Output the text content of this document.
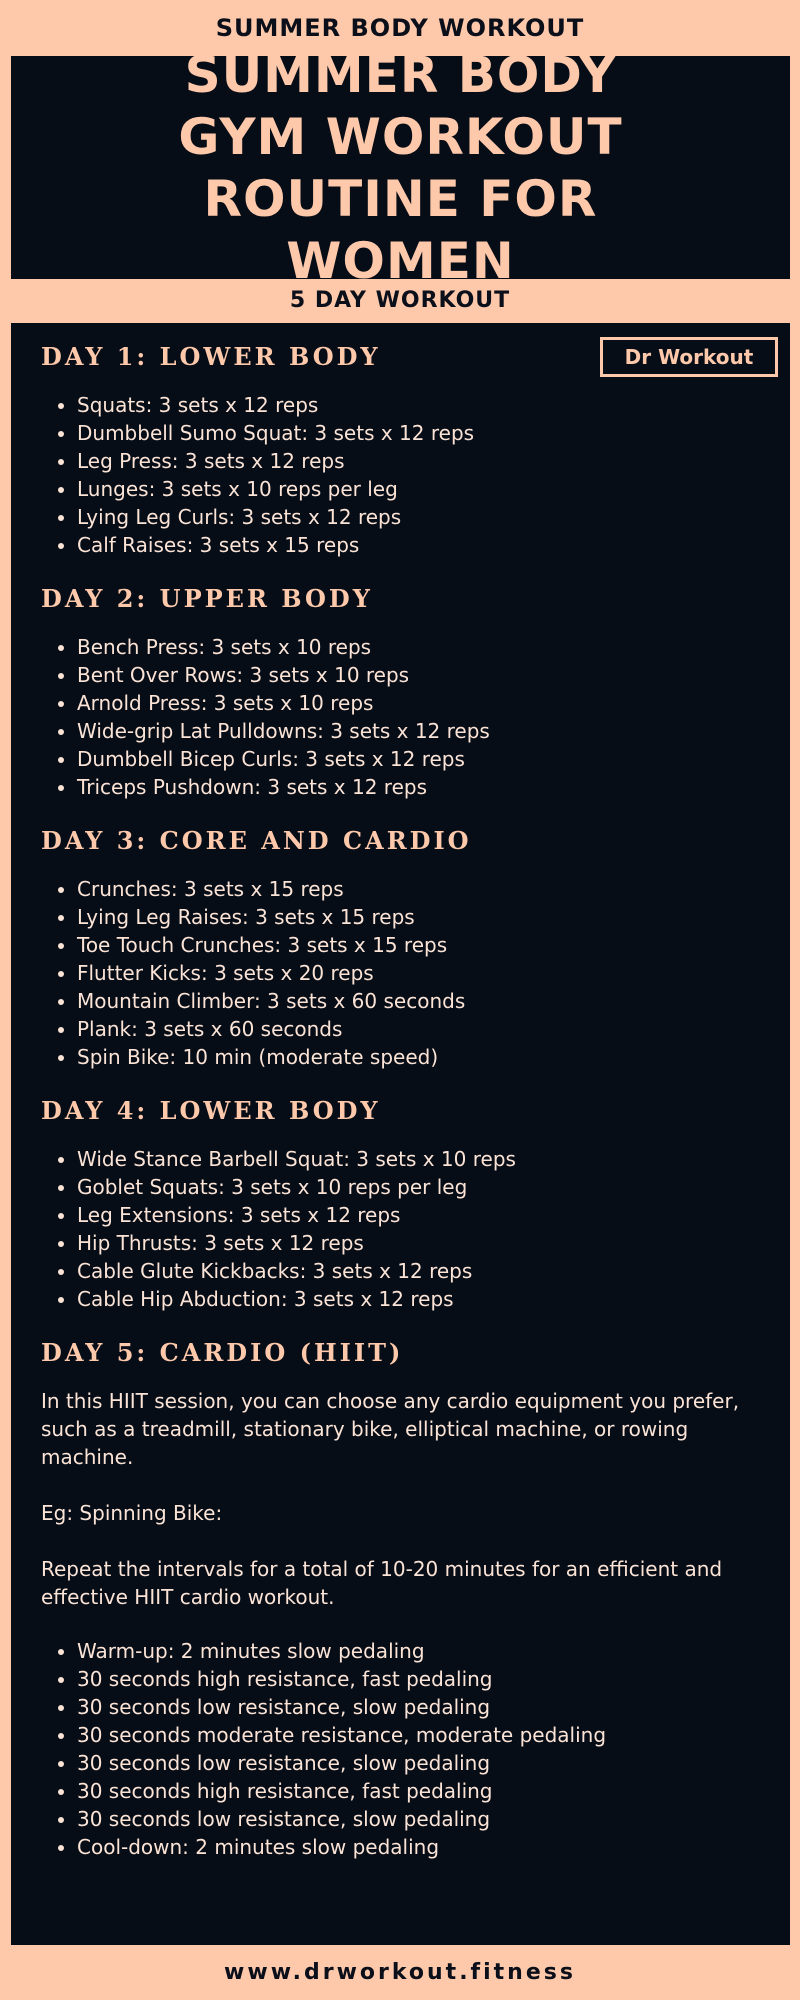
SUMMER BODY WORKOUT
SUMMER BODY GYM WORKOUT ROUTINE FOR WOMEN
5 DAY WORKOUT
Dr Workout
DAY 1: LOWER BODY
• Squats: 3 sets x 12 reps
• Dumbbell Sumo Squat: 3 sets x 12 reps
• Leg Press: 3 sets x 12 reps
• Lunges: 3 sets x 10 reps per leg
• Lying Leg Curls: 3 sets x 12 reps
• Calf Raises: 3 sets x 15 reps
DAY 2: UPPER BODY
• Bench Press: 3 sets x 10 reps
• Bent Over Rows: 3 sets x 10 reps
• Arnold Press: 3 sets x 10 reps
• Wide-grip Lat Pulldowns: 3 sets x 12 reps
• Dumbbell Bicep Curls: 3 sets x 12 reps
• Triceps Pushdown: 3 sets x 12 reps
DAY 3: CORE AND CARDIO
• Crunches: 3 sets x 15 reps
• Lying Leg Raises: 3 sets x 15 reps
• Toe Touch Crunches: 3 sets x 15 reps
• Flutter Kicks: 3 sets x 20 reps
• Mountain Climber: 3 sets x 60 seconds
• Plank: 3 sets x 60 seconds
• Spin Bike: 10 min (moderate speed)
DAY 4: LOWER BODY
• Wide Stance Barbell Squat: 3 sets x 10 reps
• Goblet Squats: 3 sets x 10 reps per leg
• Leg Extensions: 3 sets x 12 reps
• Hip Thrusts: 3 sets x 12 reps
• Cable Glute Kickbacks: 3 sets x 12 reps
• Cable Hip Abduction: 3 sets x 12 reps
DAY 5: CARDIO (HIIT)

In this HIIT session, you can choose any cardio equipment you prefer, such as a treadmill, stationary bike, elliptical machine, or rowing machine.

Eg: Spinning Bike:

Repeat the intervals for a total of 10-20 minutes for an efficient and effective HIIT cardio workout.

• Warm-up: 2 minutes slow pedaling
• 30 seconds high resistance, fast pedaling
• 30 seconds low resistance, slow pedaling
• 30 seconds moderate resistance, moderate pedaling
• 30 seconds low resistance, slow pedaling
• 30 seconds high resistance, fast pedaling
• 30 seconds low resistance, slow pedaling
• Cool-down: 2 minutes slow pedaling
www.drworkout.fitness
